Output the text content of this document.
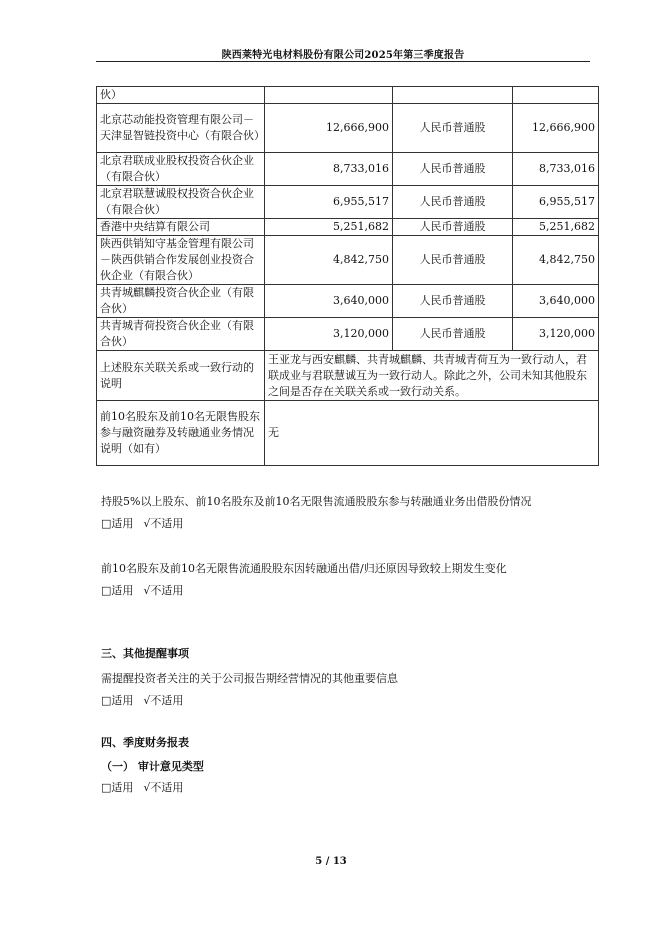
陕西莱特光电材料股份有限公司2025年第三季度报告
伙）			
北京芯动能投资管理有限公司－天津显智链投资中心（有限合伙）	12,666,900	人民币普通股	12,666,900
北京君联成业股权投资合伙企业（有限合伙）	8,733,016	人民币普通股	8,733,016
北京君联慧诚股权投资合伙企业（有限合伙）	6,955,517	人民币普通股	6,955,517
香港中央结算有限公司	5,251,682	人民币普通股	5,251,682
陕西供销知守基金管理有限公司－陕西供销合作发展创业投资合伙企业（有限合伙）	4,842,750	人民币普通股	4,842,750
共青城麒麟投资合伙企业（有限合伙）	3,640,000	人民币普通股	3,640,000
共青城青荷投资合伙企业（有限合伙）	3,120,000	人民币普通股	3,120,000
上述股东关联关系或一致行动的说明	王亚龙与西安麒麟、共青城麒麟、共青城青荷互为一致行动人，君联成业与君联慧诚互为一致行动人。除此之外，公司未知其他股东之间是否存在关联关系或一致行动关系。		
前10名股东及前10名无限售股东参与融资融券及转融通业务情况说明（如有）	无		
持股5%以上股东、前10名股东及前10名无限售流通股股东参与转融通业务出借股份情况
□适用 √不适用
前10名股东及前10名无限售流通股股东因转融通出借/归还原因导致较上期发生变化
□适用 √不适用
三、其他提醒事项
需提醒投资者关注的关于公司报告期经营情况的其他重要信息
□适用 √不适用
四、季度财务报表
（一） 审计意见类型
□适用 √不适用
5 / 13
